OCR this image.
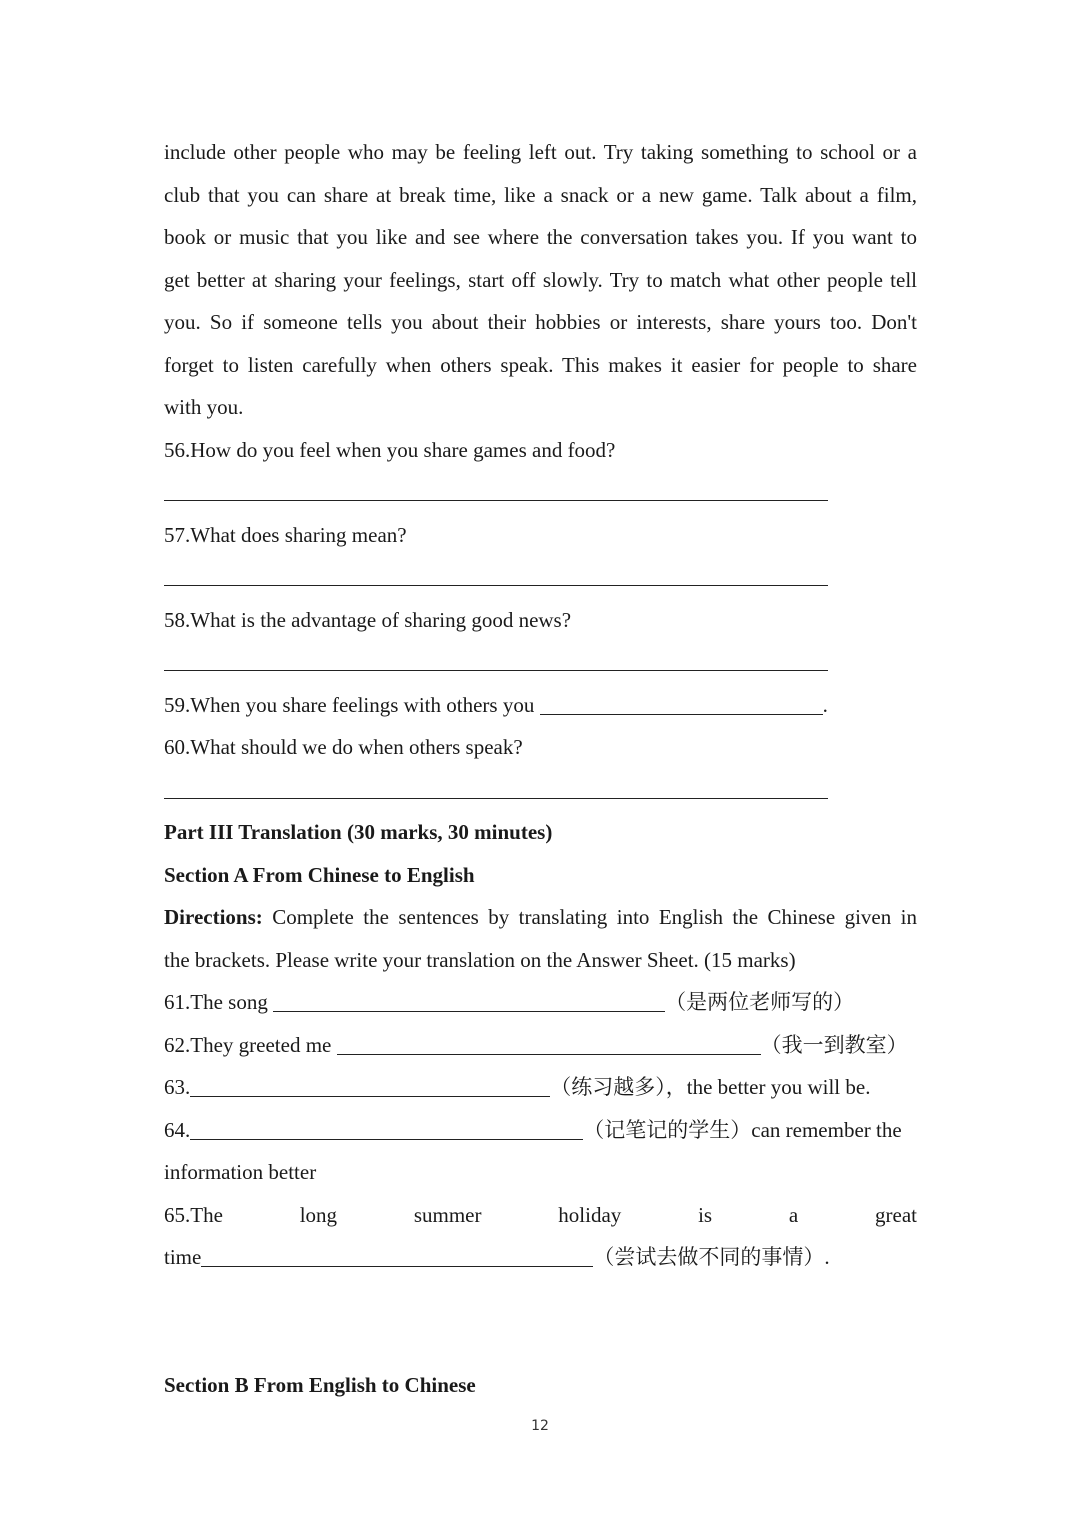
include other people who may be feeling left out. Try taking something to school or a
club that you can share at break time, like a snack or a new game. Talk about a film,
book or music that you like and see where the conversation takes you. If you want to
get better at sharing your feelings, start off slowly. Try to match what other people tell
you. So if someone tells you about their hobbies or interests, share yours too. Don't
forget to listen carefully when others speak. This makes it easier for people to share
with you.
56.How do you feel when you share games and food?
57.What does sharing mean?
58.What is the advantage of sharing good news?
59.When you share feelings with others you	.
60.What should we do when others speak?
Part III Translation (30 marks, 30 minutes)
Section A From Chinese to English
Directions: Complete the sentences by translating into English the Chinese given in
the brackets. Please write your translation on the Answer Sheet. (15 marks)
61.The song	（是两位老师写的）
62.They greeted me	（我一到教室）
63.	（练习越多），the better you will be.
64.	（记笔记的学生）can remember the
information better
65.The	long	summer	holiday	is	a	great
time	（尝试去做不同的事情）.
Section B From English to Chinese
12
